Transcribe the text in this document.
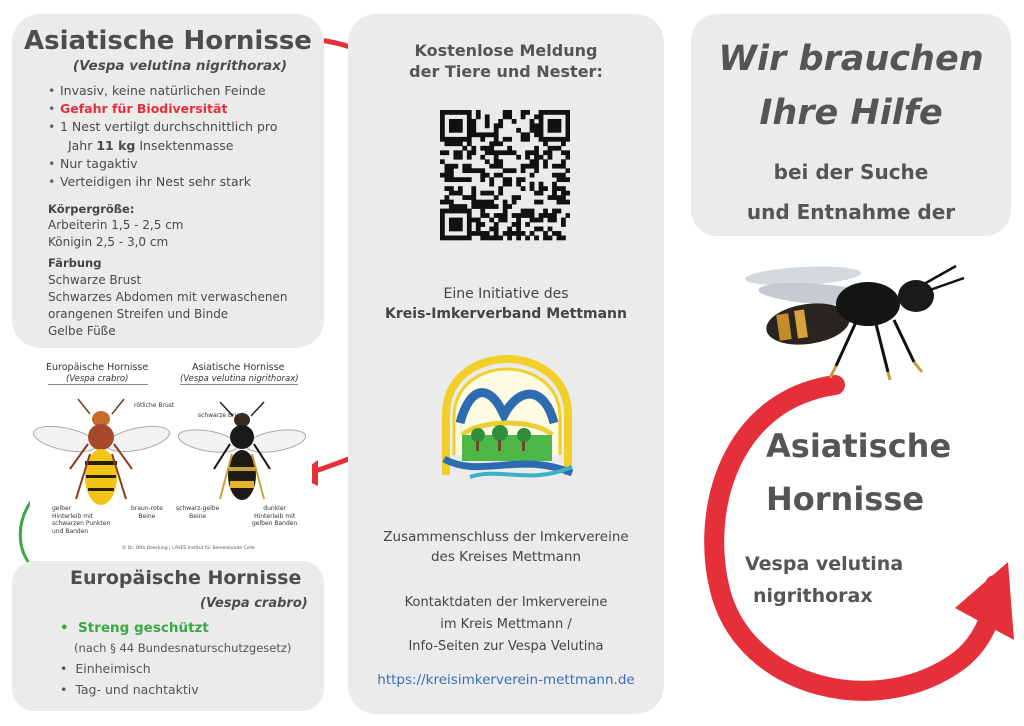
Asiatische Hornisse
(Vespa velutina nigrithorax)
• Invasiv, keine natürlichen Feinde
• Gefahr für Biodiversität
• 1 Nest vertilgt durchschnittlich pro
Jahr 11 kg Insektenmasse
• Nur tagaktiv
• Verteidigen ihr Nest sehr stark
Körpergröße:
Arbeiterin 1,5 - 2,5 cm
Königin 2,5 - 3,0 cm
Färbung
Schwarze Brust
Schwarzes Abdomen mit verwaschenen
orangenen Streifen und Binde
Gelbe Füße
Europäische Hornisse
(Vespa crabro)
Asiatische Hornisse
(Vespa velutina nigrithorax)
rötliche Brust
schwarze Brust
gelber
Hinterleib mit
schwarzen Punkten
und Banden
braun-rote
Beine
schwarz-gelbe
Beine
dunkler
Hinterleib mit
gelben Banden
© Dr. Otto Boecking | LAVES Institut für Bienenkunde Celle
Europäische Hornisse
(Vespa crabro)
•  Streng geschützt
(nach § 44 Bundesnaturschutzgesetz)
•  Einheimisch
•  Tag- und nachtaktiv
Kostenlose Meldung
der Tiere und Nester:
Eine Initiative des
Kreis-Imkerverband Mettmann
Zusammenschluss der Imkervereine
des Kreises Mettmann
Kontaktdaten der Imkervereine
im Kreis Mettmann /
Info-Seiten zur Vespa Velutina
https://kreisimkerverein-mettmann.de
Wir brauchen
Ihre Hilfe
bei der Suche
und Entnahme der
Asiatische
Hornisse
Vespa velutina
nigrithorax
